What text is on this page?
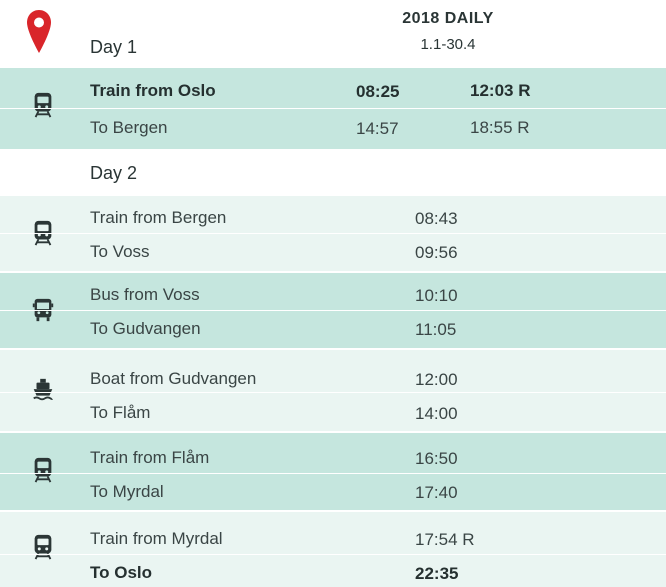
Day 1
2018 DAILY
1.1-30.4
Train from Oslo	08:25	12:03 R
To Bergen	14:57	18:55 R
Day 2
Train from Bergen	08:43
To Voss	09:56
Bus from Voss	10:10
To Gudvangen	11:05
Boat from Gudvangen	12:00
To Flåm	14:00
Train from Flåm	16:50
To Myrdal	17:40
Train from Myrdal	17:54 R
To Oslo	22:35
